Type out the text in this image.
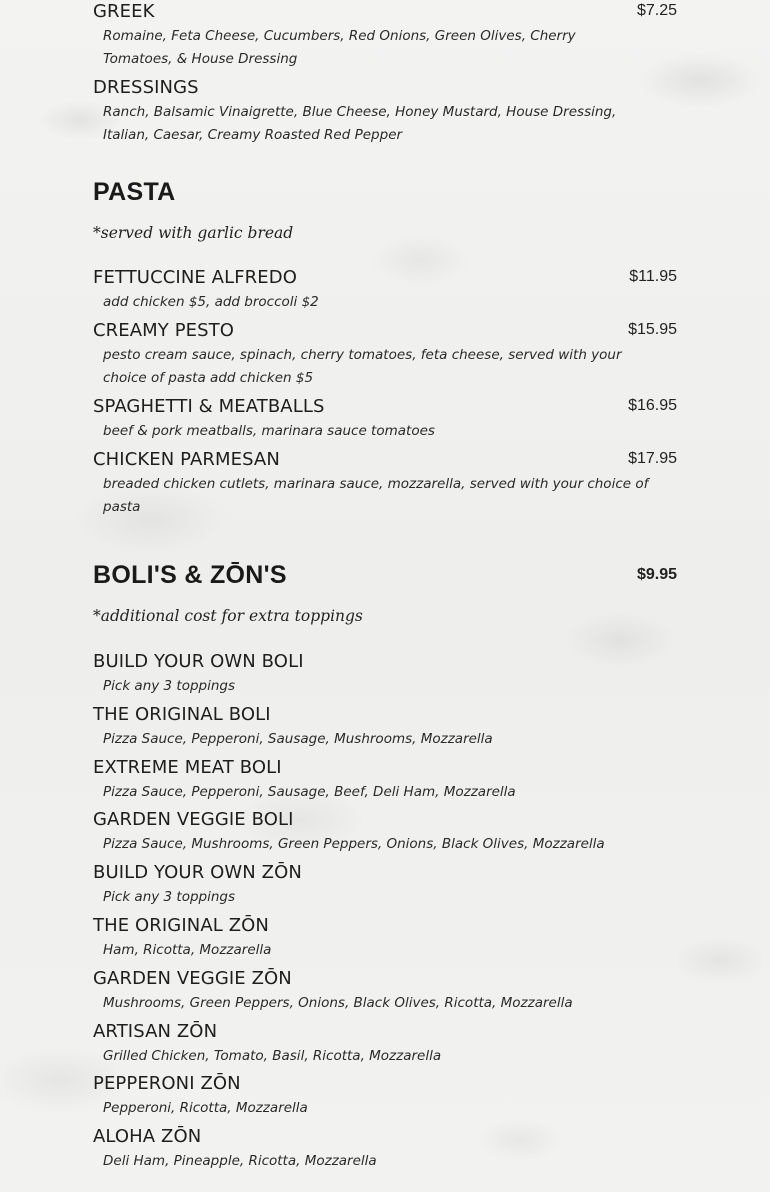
GREEK	$7.25
Romaine, Feta Cheese, Cucumbers, Red Onions, Green Olives, Cherry Tomatoes, & House Dressing
DRESSINGS
Ranch, Balsamic Vinaigrette, Blue Cheese, Honey Mustard, House Dressing, Italian, Caesar, Creamy Roasted Red Pepper
PASTA
*served with garlic bread
FETTUCCINE ALFREDO	$11.95
add chicken $5, add broccoli $2
CREAMY PESTO	$15.95
pesto cream sauce, spinach, cherry tomatoes, feta cheese, served with your choice of pasta add chicken $5
SPAGHETTI & MEATBALLS	$16.95
beef & pork meatballs, marinara sauce tomatoes
CHICKEN PARMESAN	$17.95
breaded chicken cutlets, marinara sauce, mozzarella, served with your choice of pasta
BOLI'S & ZŌN'S	$9.95
*additional cost for extra toppings
BUILD YOUR OWN BOLI
Pick any 3 toppings
THE ORIGINAL BOLI
Pizza Sauce, Pepperoni, Sausage, Mushrooms, Mozzarella
EXTREME MEAT BOLI
Pizza Sauce, Pepperoni, Sausage, Beef, Deli Ham, Mozzarella
GARDEN VEGGIE BOLI
Pizza Sauce, Mushrooms, Green Peppers, Onions, Black Olives, Mozzarella
BUILD YOUR OWN ZŌN
Pick any 3 toppings
THE ORIGINAL ZŌN
Ham, Ricotta, Mozzarella
GARDEN VEGGIE ZŌN
Mushrooms, Green Peppers, Onions, Black Olives, Ricotta, Mozzarella
ARTISAN ZŌN
Grilled Chicken, Tomato, Basil, Ricotta, Mozzarella
PEPPERONI ZŌN
Pepperoni, Ricotta, Mozzarella
ALOHA ZŌN
Deli Ham, Pineapple, Ricotta, Mozzarella
